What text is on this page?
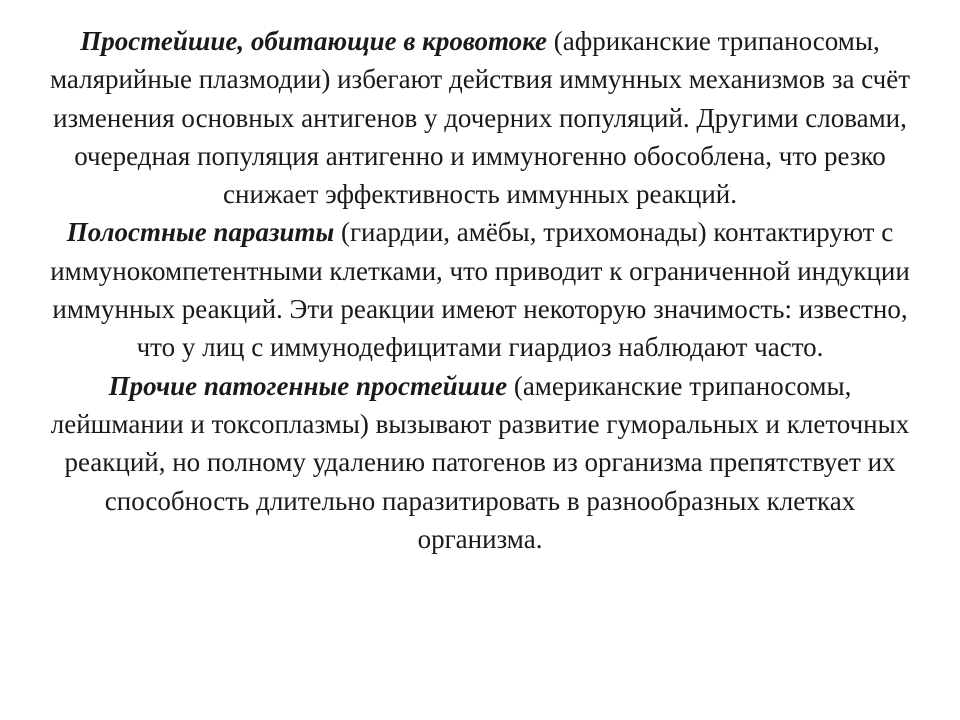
Простейшие, обитающие в кровотоке (африканские трипаносомы, малярийные плазмодии) избегают действия иммунных механизмов за счёт изменения основных антигенов у дочерних популяций. Другими словами, очередная популяция антигенно и иммуногенно обособлена, что резко снижает эффективность иммунных реакций.

Полостные паразиты (гиардии, амёбы, трихомонады) контактируют с иммунокомпетентными клетками, что приводит к ограниченной индукции иммунных реакций. Эти реакции имеют некоторую значимость: известно, что у лиц с иммунодефицитами гиардиоз наблюдают часто.

Прочие патогенные простейшие (американские трипаносомы, лейшмании и токсоплазмы) вызывают развитие гуморальных и клеточных реакций, но полному удалению патогенов из организма препятствует их способность длительно паразитировать в разнообразных клетках организма.
